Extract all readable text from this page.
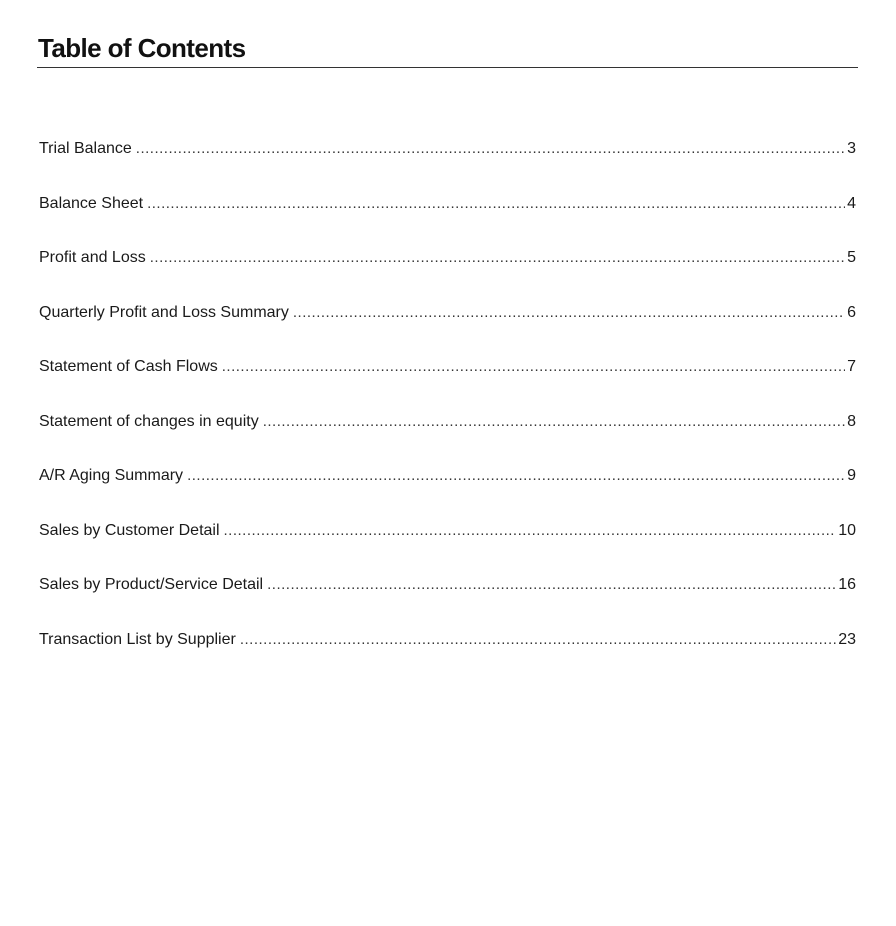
Table of Contents
Trial Balance .....	3
Balance Sheet .....	4
Profit and Loss .....	5
Quarterly Profit and Loss Summary .....	6
Statement of Cash Flows .....	7
Statement of changes in equity .....	8
A/R Aging Summary .....	9
Sales by Customer Detail .....	10
Sales by Product/Service Detail .....	16
Transaction List by Supplier .....	23
